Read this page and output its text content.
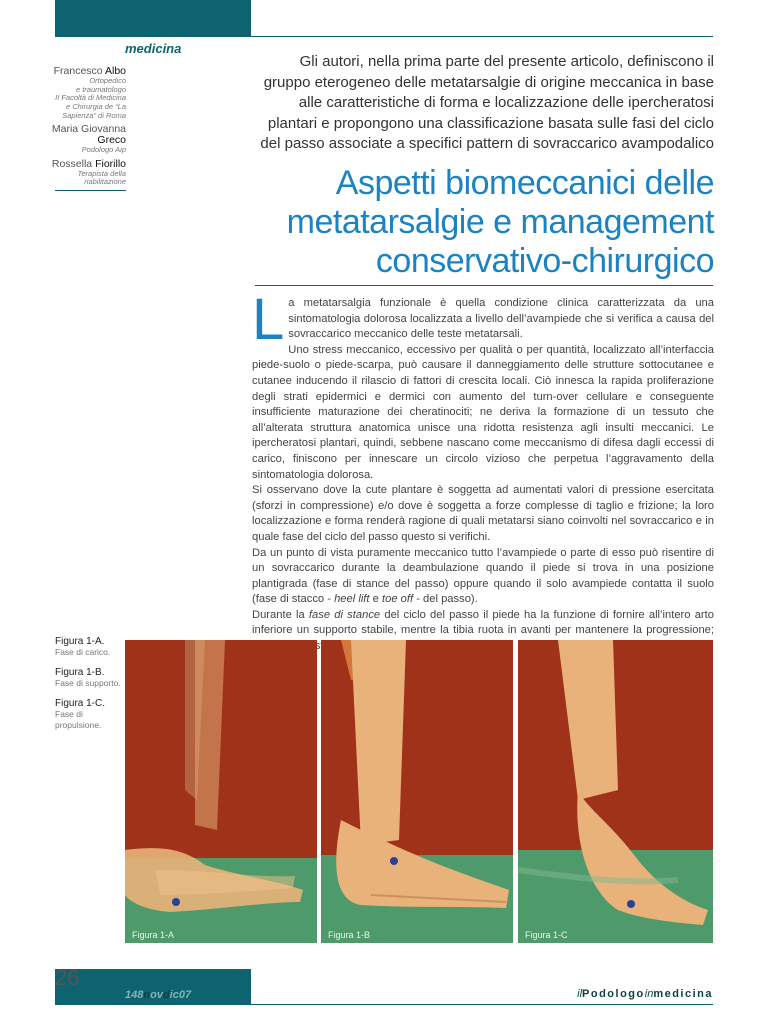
medicina
Francesco Albo
Ortopedico
e traumatologo
II Facoltà di Medicina
e Chirurgia de “La
Sapienza” di Roma
Maria Giovanna
Greco
Podologo Aip
Rossella Fiorillo
Terapista della
riabilitazione
Gli autori, nella prima parte del presente articolo, definiscono il gruppo eterogeneo delle metatarsalgie di origine meccanica in base alle caratteristiche di forma e localizzazione delle ipercheratosi plantari e propongono una classificazione basata sulle fasi del ciclo del passo associate a specifici pattern di sovraccarico avampodalico
Aspetti biomeccanici delle metatarsalgie e management conservativo-chirurgico

La metatarsalgia funzionale è quella condizione clinica caratterizzata da una sintomatologia dolorosa localizzata a livello dell’avampiede che si verifica a causa del sovraccarico meccanico delle teste metatarsali.

Uno stress meccanico, eccessivo per qualità o per quantità, localizzato all’interfaccia piede-suolo o piede-scarpa, può causare il danneggiamento delle strutture sottocutanee e cutanee inducendo il rilascio di fattori di crescita locali. Ciò innesca la rapida proliferazione degli strati epidermici e dermici con aumento del turn-over cellulare e conseguente insufficiente maturazione dei cheratinociti; ne deriva la formazione di un tessuto che all’alterata struttura anatomica unisce una ridotta resistenza agli insulti meccanici. Le ipercheratosi plantari, quindi, sebbene nascano come meccanismo di difesa dagli eccessi di carico, finiscono per innescare un circolo vizioso che perpetua l’aggravamento della sintomatologia dolorosa.

Si osservano dove la cute plantare è soggetta ad aumentati valori di pressione esercitata (sforzi in compressione) e/o dove è soggetta a forze complesse di taglio e frizione; la loro localizzazione e forma renderà ragione di quali metatarsi siano coinvolti nel sovraccarico e in quale fase del ciclo del passo questo si verifichi.

Da un punto di vista puramente meccanico tutto l’avampiede o parte di esso può risentire di un sovraccarico durante la deambulazione quando il piede si trova in una posizione plantigrada (fase di stance del passo) oppure quando il solo avampiede contatta il suolo (fase di stacco - heel lift e toe off - del passo).

Durante la fase di stance del ciclo del passo il piede ha la funzione di fornire all’intero arto inferiore un supporto stabile, mentre la tibia ruota in avanti per mantenere la progressione;

Figura 1-A.
Fase di carico.
Figura 1-B.
Fase di supporto.
Figura 1-C.
Fase di propulsione.
Figura 1-A	Figura 1-B	Figura 1-C
26
148novdic07	ilPodologoinmedicina
